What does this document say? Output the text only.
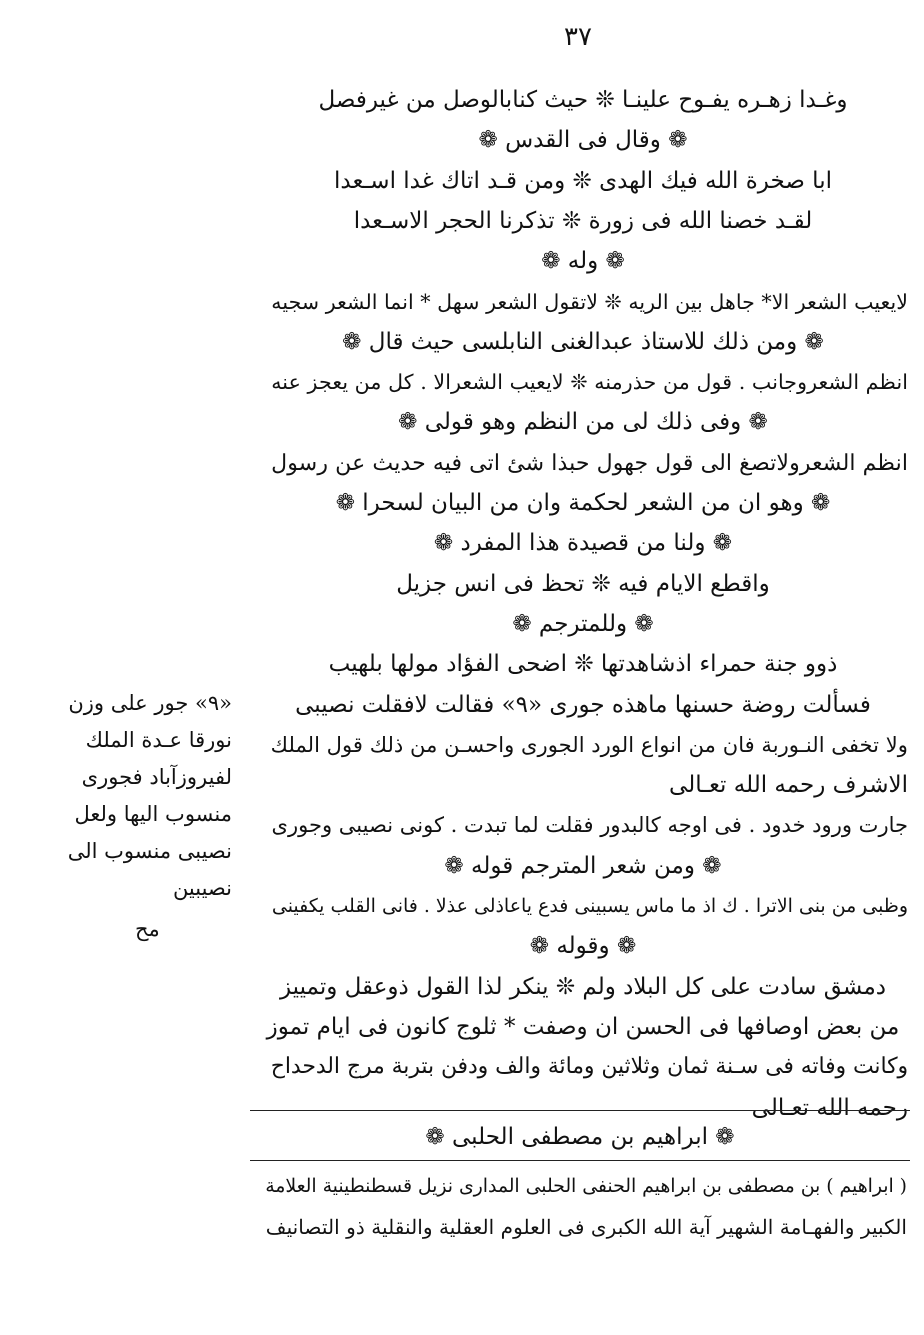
٣٧
وغـدا زهـره يفـوح علينـا ❊ حيث كنابالوصل من غيرفصل
❁ وقال فى القدس ❁
ابا صخرة الله فيك الهدى ❊ ومن قـد اتاك غدا اسـعدا
لقـد خصنا الله فى زورة ❊ تذكرنا الحجر الاسـعدا
❁ وله ❁
لايعيب الشعر الا* جاهل بين الريه ❊ لاتقول الشعر سهل * انما الشعر سجيه
❁ ومن ذلك للاستاذ عبدالغنى النابلسى حيث قال ❁
انظم الشعروجانب . قول من حذرمنه ❊ لايعيب الشعرالا . كل من يعجز عنه
❁ وفى ذلك لى من النظم وهو قولى ❁
انظم الشعرولاتصغ الى قول جهول حبذا شئ اتى فيه حديث عن رسول
❁ وهو ان من الشعر لحكمة وان من البيان لسحرا ❁
❁ ولنا من قصيدة هذا المفرد ❁
واقطع الايام فيه ❊ تحظ فى انس جزيل
❁ وللمترجم ❁
ذوو جنة حمراء اذشاهدتها ❊ اضحى الفؤاد مولها بلهيب
فسألت روضة حسنها ماهذه جورى «٩» فقالت لافقلت نصيبى
ولا تخفى النـوربة فان من انواع الورد الجورى واحسـن من ذلك قول الملك
الاشرف رحمه الله تعـالى
جارت ورود خدود . فى اوجه كالبدور فقلت لما تبدت . كونى نصيبى وجورى
❁ ومن شعر المترجم قوله ❁
وظبى من بنى الاترا . ك اذ ما ماس يسبينى فدع ياعاذلى عذلا . فانى القلب يكفينى
❁ وقوله ❁
دمشق سادت على كل البلاد ولم ❊ ينكر لذا القول ذوعقل وتمييز
من بعض اوصافها فى الحسن ان وصفت * ثلوج كانون فى ايام تموز
وكانت وفاته فى سـنة ثمان وثلاثين ومائة والف ودفن بتربة مرج الدحداح
رحمه الله تعـالى
«٩» جور على وزن
نورقا عـدة الملك
لفيروزآباد فجورى
منسوب اليها ولعل
نصيبى منسوب الى
نصيبين
مح
❁ ابراهيم بن مصطفى الحلبى ❁
( ابراهيم ) بن مصطفى بن ابراهيم الحنفى الحلبى المدارى نزيل قسطنطينية العلامة
الكبير والفهـامة الشهير آية الله الكبرى فى العلوم العقلية والنقلية ذو التصانيف
